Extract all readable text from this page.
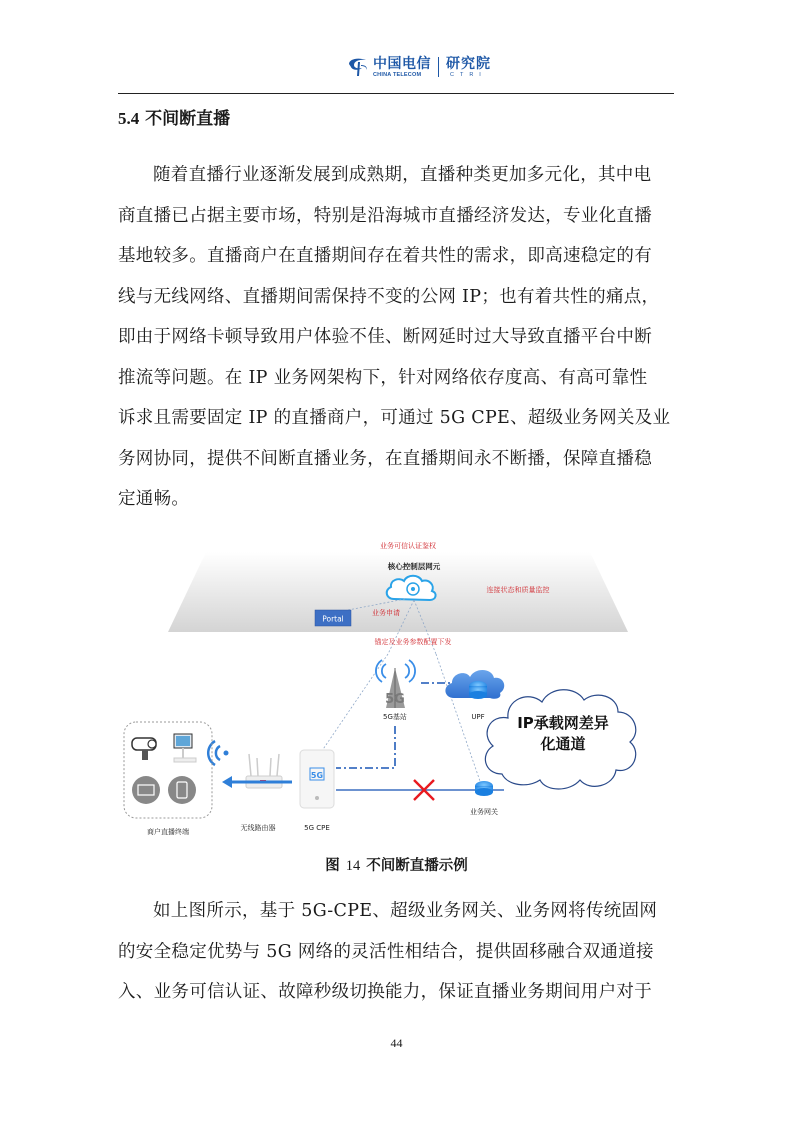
中国电信
CHINA TELECOM
研究院
CTRI
5.4 不间断直播
随着直播行业逐渐发展到成熟期，直播种类更加多元化，其中电
商直播已占据主要市场，特别是沿海城市直播经济发达，专业化直播
基地较多。直播商户在直播期间存在着共性的需求，即高速稳定的有
线与无线网络、直播期间需保持不变的公网 IP；也有着共性的痛点，
即由于网络卡顿导致用户体验不佳、断网延时过大导致直播平台中断
推流等问题。在 IP 业务网架构下，针对网络依存度高、有高可靠性
诉求且需要固定 IP 的直播商户，可通过 5G CPE、超级业务网关及业
务网协同，提供不间断直播业务，在直播期间永不断播，保障直播稳
定通畅。
Portal
业务可信认证鉴权
核心控制层网元
连接状态和质量监控
业务申请
锚定及业务参数配置下发
5G
5G基站	UPF IP承载网差异
化通道
业务网关
5G
5G CPE
无线路由器
商户直播终端
图 14 不间断直播示例
如上图所示，基于 5G-CPE、超级业务网关、业务网将传统固网
的安全稳定优势与 5G 网络的灵活性相结合，提供固移融合双通道接
入、业务可信认证、故障秒级切换能力，保证直播业务期间用户对于
44
